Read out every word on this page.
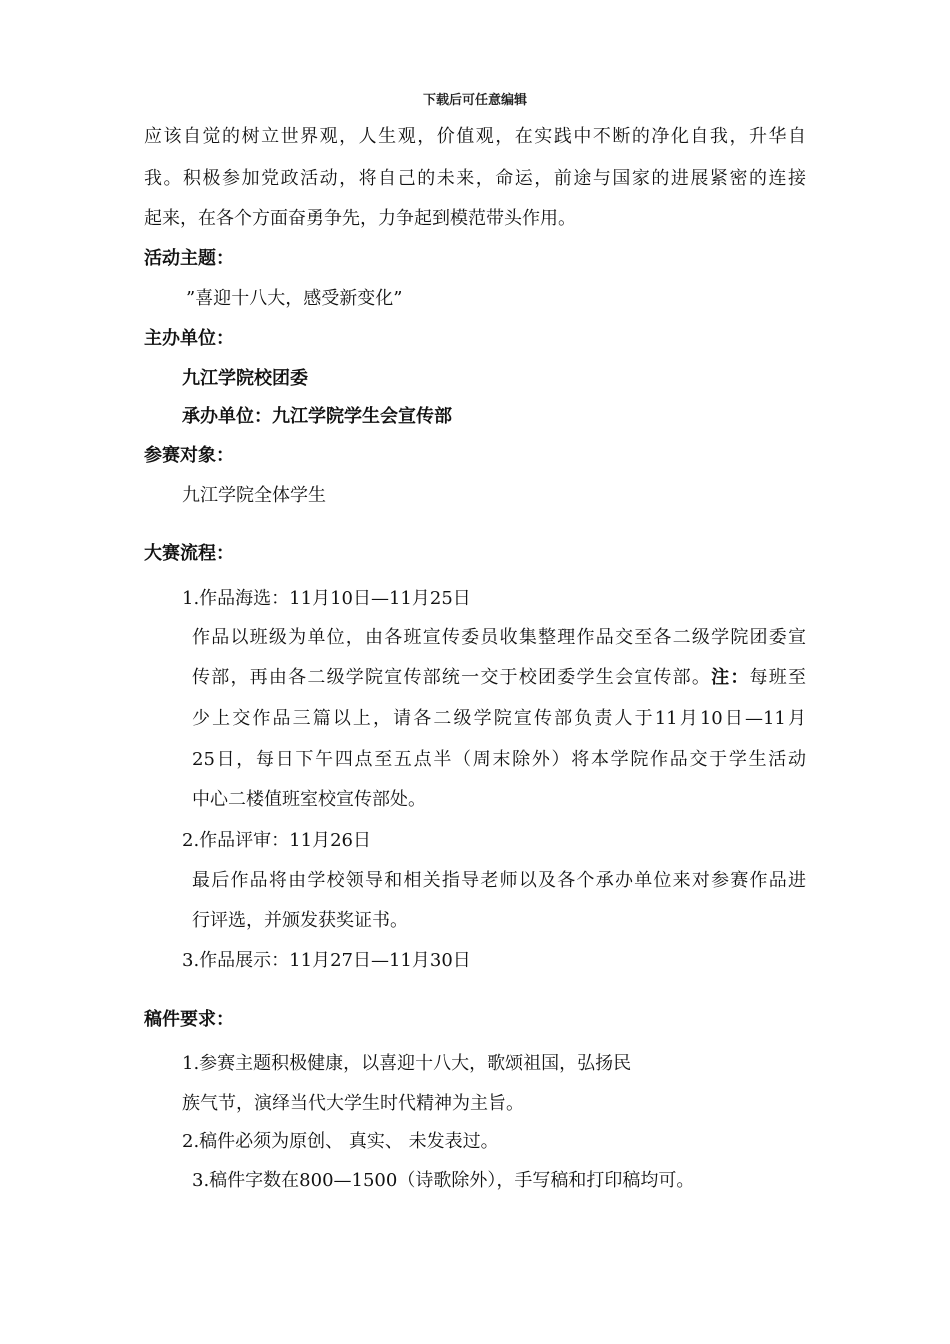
下载后可任意编辑
应该自觉的树立世界观，人生观，价值观，在实践中不断的净化自我，升华自
我。积极参加党政活动，将自己的未来，命运，前途与国家的进展紧密的连接
起来，在各个方面奋勇争先，力争起到模范带头作用。
活动主题：
”喜迎十八大，感受新变化”
主办单位：
九江学院校团委
承办单位：九江学院学生会宣传部
参赛对象：
九江学院全体学生
大赛流程：
1.作品海选：11月10日—11月25日
作品以班级为单位，由各班宣传委员收集整理作品交至各二级学院团委宣
传部，再由各二级学院宣传部统一交于校团委学生会宣传部。注：每班至
少上交作品三篇以上，请各二级学院宣传部负责人于11月10日—11月
25日，每日下午四点至五点半（周末除外）将本学院作品交于学生活动
中心二楼值班室校宣传部处。
2.作品评审：11月26日
最后作品将由学校领导和相关指导老师以及各个承办单位来对参赛作品进
行评选，并颁发获奖证书。
3.作品展示：11月27日—11月30日
稿件要求：
1.参赛主题积极健康，以喜迎十八大，歌颂祖国，弘扬民
族气节，演绎当代大学生时代精神为主旨。
2.稿件必须为原创、 真实、 未发表过。
3.稿件字数在800—1500（诗歌除外），手写稿和打印稿均可。
